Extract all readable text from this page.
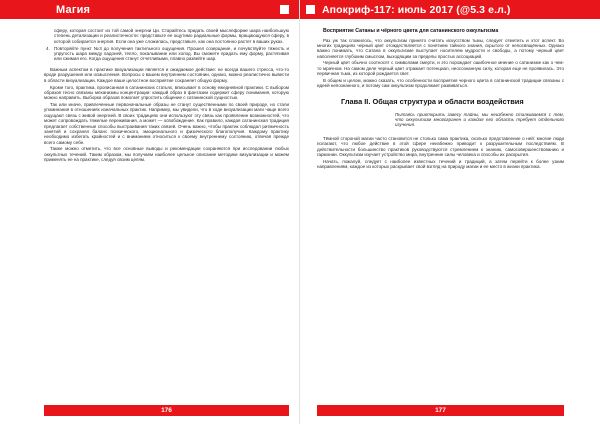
Магия

сферу, которая состоит из той самой энергии Ци. Старайтесь придать своей мыслеформе шара наибольшую степень детализации и реалистичности: представьте ее ощутимо радиальные формы, вращающуюся сферу, в которой собирается энергия. Если она уже сложилась, представьте, как она постоянно растет в ваших руках.

4. Повторяйте пункт №3 до получения тактильного ощущения. Прошел созерцание, и почувствуйте тяжесть и упругость шара между ладоней, тепло, покалывание или холод. Вы сможете придать ему форму, растягивая или сжимая его. Когда ощущения станут отчетливыми, плавно развейте шар.

Важным аспектом в практике визуализации является и ожидаемое действие: не всегда вашего стресса, что-то вроде разрушения или осмысления. Вопросы о вашем внутреннем состоянии, однако, можно реалистично вывести в области визуализации. Каждое ваше целостное восприятие сохраняет общую форму.

Кроме того, практика, прописанная в сатанинских статьях, вписывает в основу ежедневной практики. С выбором образов тесно связаны механизмы концентрации: каждый образ в фантазии содержит сферу понимания, которую можно направить. Выборка образов помогает упростить общение с сатанинской сущностью.

Так или иначе, привлеченные первоначальные образы не станут существенными по своей природе, но стали упоминания в отношениях изначальных практик. Например, мы увидели, что в ходе визуализации маги чаще всего ощущают связь с живой энергией. В своих традициях они используют эту связь как проявление возможностей, что может сопровождать тяжелые переживания, а может — освобождение. Как правило, каждая сатанинская традиция предлагает собственные способы выстраивания таких связей. Очень важно, чтобы практик соблюдал ритмичность занятий и сохранял баланс психического, эмоционального и физического благополучия. Каждому практику необходимо избегать крайностей и с вниманием относиться к своему внутреннему состоянию, отвечая прежде всего самому себе.

Также можно отметить, что все основные выводы и рекомендации сохраняются при исследовании любых оккультных течений. Таким образом, мы получаем наиболее цельное описание методики визуализации и можем применять ее на практике, следуя своим целям.

176
Апокриф-117: июль 2017 (@5.3 е.л.)
Восприятие Сатаны и чёрного цвета для сатанинского оккультизма

Раз уж так сложилось, что оккультизм принято считать искусством тьмы, следует отметить и этот аспект. Во многих традициях черный цвет отождествляется с понятием тайного знания, скрытого от непосвящённых. Однако важно понимать, что Сатана в оккультизме выступает носителем мудрости и свободы, а потому черный цвет наполняется глубоким смыслом, выходящим за пределы простых ассоциаций.

Черный цвет обычно соотносят с символами смерти, и это порождает ошибочное мнение о сатанизме как о чем-то мрачном. На самом деле черный цвет отражает потенциал, неосознанную силу, которая еще не проявилась. Это первичная тьма, из которой рождается свет.

В общем и целом, можно сказать, что особенности восприятия черного цвета в сатанинской традиции связаны с идеей непознанного, и потому сам оккультизм продолжает развиваться.

Глава II. Общая структура и области воздействия

Пытаясь приоткрыть завесу тайны, мы неизбежно сталкиваемся с тем, что оккультизм многогранен и каждая его область требует отдельного изучения.

Тёмной стороной магии часто становится не столько сама практика, сколько представление о ней: многие люди полагают, что любое действие в этой сфере неизбежно приводит к разрушительным последствиям. В действительности большинство практиков руководствуются стремлением к знанию, самосовершенствованию и гармонии. Оккультизм изучает устройство мира, внутренние силы человека и способы их раскрытия.

Начать, пожалуй, следует с наиболее известных течений и традиций, а затем перейти к более узким направлениям, каждое из которых раскрывает свой взгляд на природу магии и ее место в жизни практика.

177
